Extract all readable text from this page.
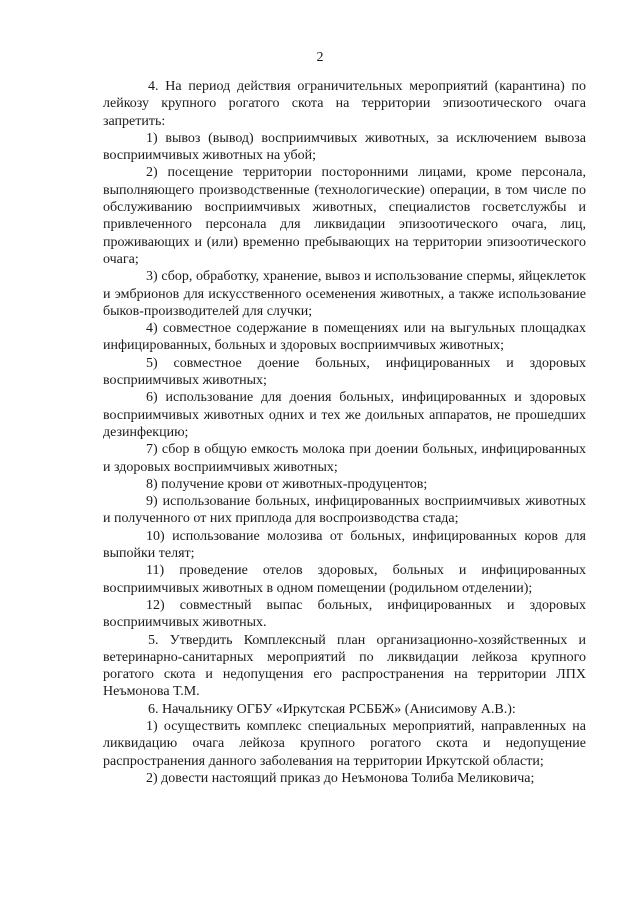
2

4. На период действия ограничительных мероприятий (карантина) по лейкозу крупного рогатого скота на территории эпизоотического очага запретить:

1) вывоз (вывод) восприимчивых животных, за исключением вывоза восприимчивых животных на убой;

2) посещение территории посторонними лицами, кроме персонала, выполняющего производственные (технологические) операции, в том числе по обслуживанию восприимчивых животных, специалистов госветслужбы и привлеченного персонала для ликвидации эпизоотического очага, лиц, проживающих и (или) временно пребывающих на территории эпизоотического очага;

3) сбор, обработку, хранение, вывоз и использование спермы, яйцеклеток и эмбрионов для искусственного осеменения животных, а также использование быков-производителей для случки;

4) совместное содержание в помещениях или на выгульных площадках инфицированных, больных и здоровых восприимчивых животных;

5) совместное доение больных, инфицированных и здоровых восприимчивых животных;

6) использование для доения больных, инфицированных и здоровых восприимчивых животных одних и тех же доильных аппаратов, не прошедших дезинфекцию;

7) сбор в общую емкость молока при доении больных, инфицированных и здоровых восприимчивых животных;

8) получение крови от животных-продуцентов;

9) использование больных, инфицированных восприимчивых животных и полученного от них приплода для воспроизводства стада;

10) использование молозива от больных, инфицированных коров для выпойки телят;

11) проведение отелов здоровых, больных и инфицированных восприимчивых животных в одном помещении (родильном отделении);

12) совместный выпас больных, инфицированных и здоровых восприимчивых животных.

5. Утвердить Комплексный план организационно-хозяйственных и ветеринарно-санитарных мероприятий по ликвидации лейкоза крупного рогатого скота и недопущения его распространения на территории ЛПХ Неъмонова Т.М.

6. Начальнику ОГБУ «Иркутская РСББЖ» (Анисимову А.В.):

1) осуществить комплекс специальных мероприятий, направленных на ликвидацию очага лейкоза крупного рогатого скота и недопущение распространения данного заболевания на территории Иркутской области;

2) довести настоящий приказ до Неъмонова Толиба Меликовича;
